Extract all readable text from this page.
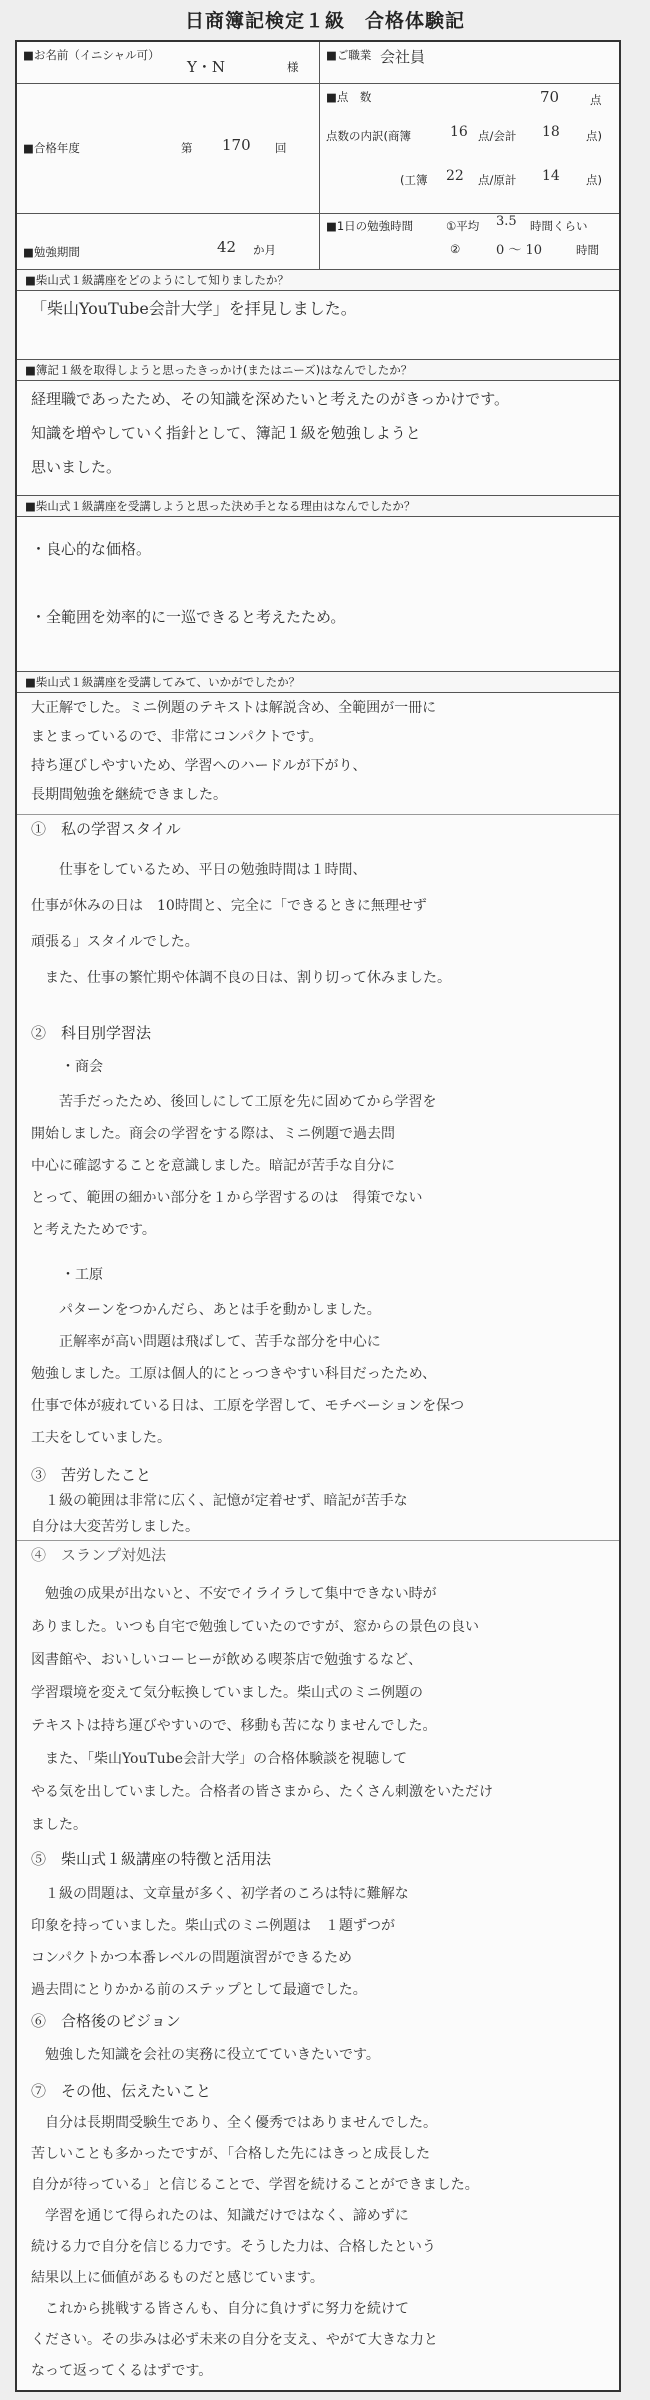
日商簿記検定１級　合格体験記
■お名前（イニシャル可）
Y・N	様
■ご職業 会社員
■合格年度	第 170 回
■点　数	70	点
点数の内訳(商簿	16 点/会計 18 点)
(工簿 22 点/原計 14 点)
■勉強期間	42 か月
■1日の勉強時間	①平均 3.5 時間くらい
②	0 〜 10	時間
■柴山式１級講座をどのようにして知りましたか？
「柴山YouTube会計大学」を拝見しました。
■簿記１級を取得しようと思ったきっかけ(またはニーズ)はなんでしたか？
経理職であったため、その知識を深めたいと考えたのがきっかけです。
知識を増やしていく指針として、簿記１級を勉強しようと
思いました。
■柴山式１級講座を受講しようと思った決め手となる理由はなんでしたか？
・良心的な価格。

・全範囲を効率的に一巡できると考えたため。
■柴山式１級講座を受講してみて、いかがでしたか？
大正解でした。ミニ例題のテキストは解説含め、全範囲が一冊に
まとまっているので、非常にコンパクトです。
持ち運びしやすいため、学習へのハードルが下がり、
長期間勉強を継続できました。
①　私の学習スタイル
　　仕事をしているため、平日の勉強時間は１時間、
仕事が休みの日は　10時間と、完全に「できるときに無理せず
頑張る」スタイルでした。
　また、仕事の繁忙期や体調不良の日は、割り切って休みました。
②　科目別学習法
・商会
　　苦手だったため、後回しにして工原を先に固めてから学習を
開始しました。商会の学習をする際は、ミニ例題で過去問
中心に確認することを意識しました。暗記が苦手な自分に
とって、範囲の細かい部分を１から学習するのは　得策でない
と考えたためです。
・工原
　　パターンをつかんだら、あとは手を動かしました。
　　正解率が高い問題は飛ばして、苦手な部分を中心に
勉強しました。工原は個人的にとっつきやすい科目だったため、
仕事で体が疲れている日は、工原を学習して、モチベーションを保つ
工夫をしていました。
③　苦労したこと
　１級の範囲は非常に広く、記憶が定着せず、暗記が苦手な
自分は大変苦労しました。
④　スランプ対処法
　勉強の成果が出ないと、不安でイライラして集中できない時が
ありました。いつも自宅で勉強していたのですが、窓からの景色の良い
図書館や、おいしいコーヒーが飲める喫茶店で勉強するなど、
学習環境を変えて気分転換していました。柴山式のミニ例題の
テキストは持ち運びやすいので、移動も苦になりませんでした。
　また、「柴山YouTube会計大学」の合格体験談を視聴して
やる気を出していました。合格者の皆さまから、たくさん刺激をいただけ
ました。
⑤　柴山式１級講座の特徴と活用法
　１級の問題は、文章量が多く、初学者のころは特に難解な
印象を持っていました。柴山式のミニ例題は　１題ずつが
コンパクトかつ本番レベルの問題演習ができるため
過去問にとりかかる前のステップとして最適でした。
⑥　合格後のビジョン
　勉強した知識を会社の実務に役立てていきたいです。
⑦　その他、伝えたいこと
　自分は長期間受験生であり、全く優秀ではありませんでした。
苦しいことも多かったですが、「合格した先にはきっと成長した
自分が待っている」と信じることで、学習を続けることができました。
　学習を通じて得られたのは、知識だけではなく、諦めずに
続ける力で自分を信じる力です。そうした力は、合格したという
結果以上に価値があるものだと感じています。
　これから挑戦する皆さんも、自分に負けずに努力を続けて
ください。その歩みは必ず未来の自分を支え、やがて大きな力と
なって返ってくるはずです。
